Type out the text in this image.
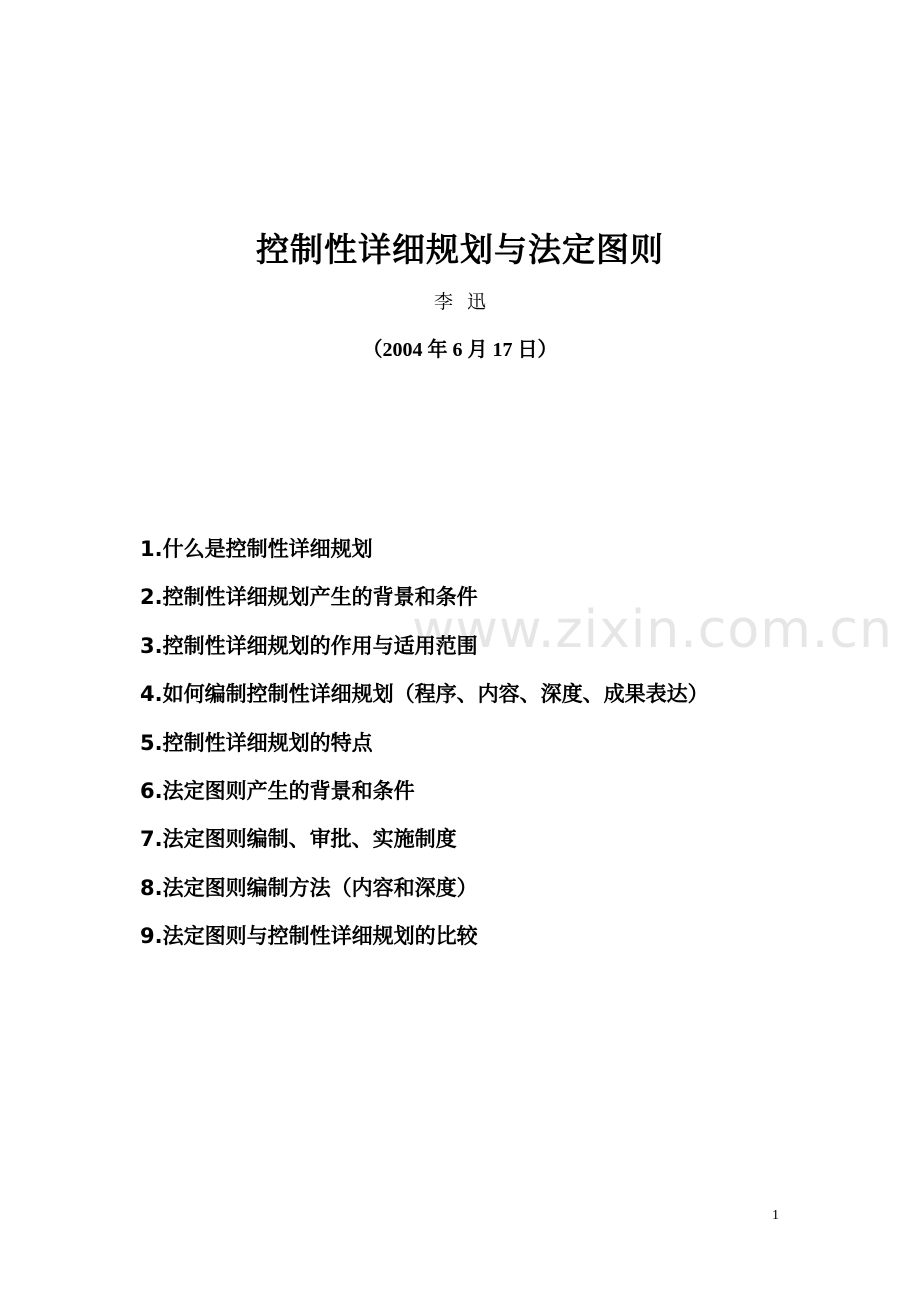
www.zixin.com.cn
控制性详细规划与法定图则
李 迅
（2004 年 6 月 17 日）
1.什么是控制性详细规划
2.控制性详细规划产生的背景和条件
3.控制性详细规划的作用与适用范围
4.如何编制控制性详细规划（程序、内容、深度、成果表达）
5.控制性详细规划的特点
6.法定图则产生的背景和条件
7.法定图则编制、审批、实施制度
8.法定图则编制方法（内容和深度）
9.法定图则与控制性详细规划的比较
1
